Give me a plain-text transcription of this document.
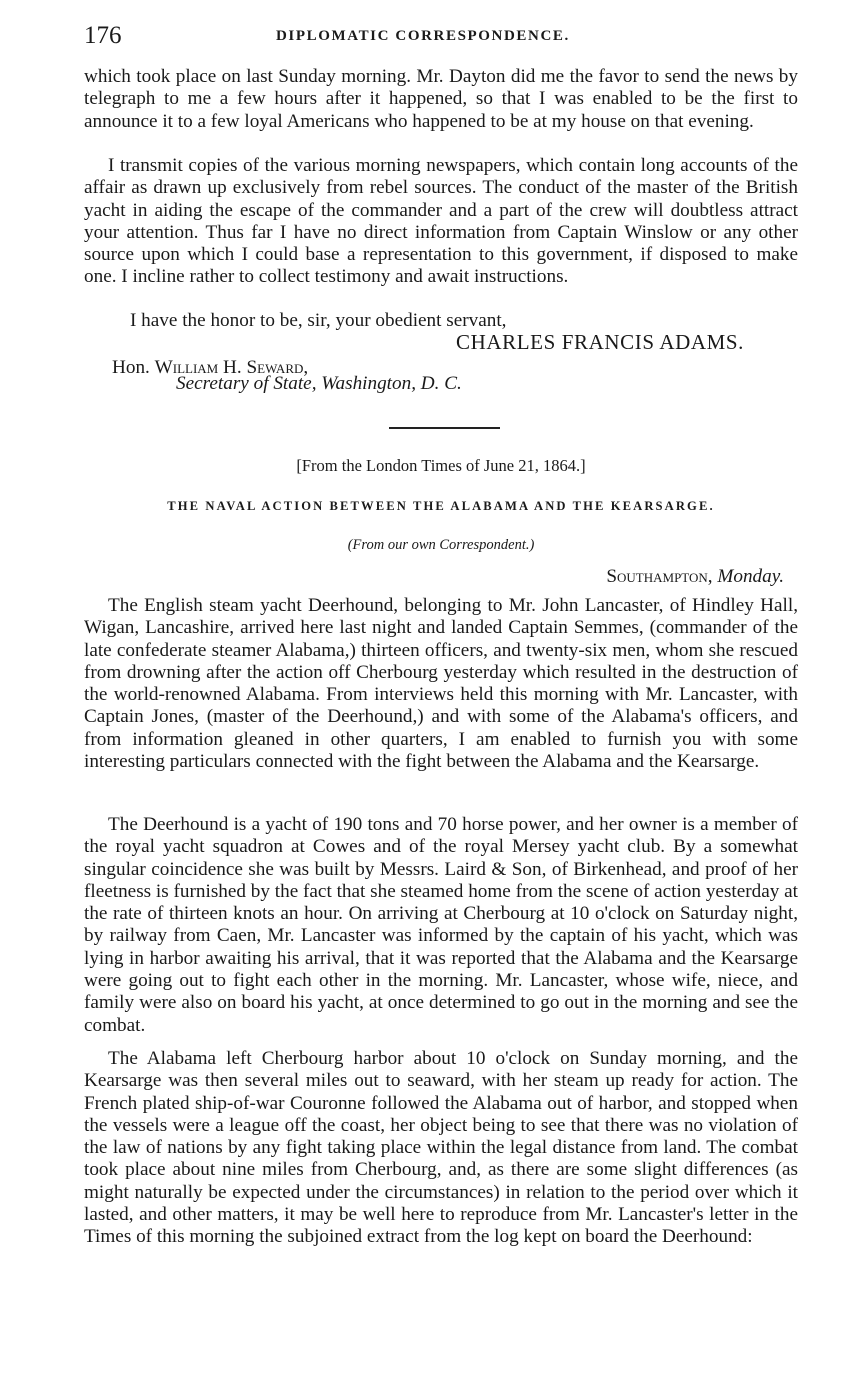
176	DIPLOMATIC CORRESPONDENCE.

which took place on last Sunday morning. Mr. Dayton did me the favor to send the news by telegraph to me a few hours after it happened, so that I was enabled to be the first to announce it to a few loyal Americans who happened to be at my house on that evening.

I transmit copies of the various morning newspapers, which contain long accounts of the affair as drawn up exclusively from rebel sources. The conduct of the master of the British yacht in aiding the escape of the commander and a part of the crew will doubtless attract your attention. Thus far I have no direct information from Captain Winslow or any other source upon which I could base a representation to this government, if disposed to make one. I incline rather to collect testimony and await instructions.

I have the honor to be, sir, your obedient servant,
CHARLES FRANCIS ADAMS.
Hon. William H. Seward,
Secretary of State, Washington, D. C.
[From the London Times of June 21, 1864.]
THE NAVAL ACTION BETWEEN THE ALABAMA AND THE KEARSARGE.
(From our own Correspondent.)
Southampton, Monday.

The English steam yacht Deerhound, belonging to Mr. John Lancaster, of Hindley Hall, Wigan, Lancashire, arrived here last night and landed Captain Semmes, (commander of the late confederate steamer Alabama,) thirteen officers, and twenty-six men, whom she rescued from drowning after the action off Cherbourg yesterday which resulted in the destruction of the world-renowned Alabama. From interviews held this morning with Mr. Lancaster, with Captain Jones, (master of the Deerhound,) and with some of the Alabama's officers, and from information gleaned in other quarters, I am enabled to furnish you with some interesting particulars connected with the fight between the Alabama and the Kearsarge.

The Deerhound is a yacht of 190 tons and 70 horse power, and her owner is a member of the royal yacht squadron at Cowes and of the royal Mersey yacht club. By a somewhat singular coincidence she was built by Messrs. Laird & Son, of Birkenhead, and proof of her fleetness is furnished by the fact that she steamed home from the scene of action yesterday at the rate of thirteen knots an hour. On arriving at Cherbourg at 10 o'clock on Saturday night, by railway from Caen, Mr. Lancaster was informed by the captain of his yacht, which was lying in harbor awaiting his arrival, that it was reported that the Alabama and the Kearsarge were going out to fight each other in the morning. Mr. Lancaster, whose wife, niece, and family were also on board his yacht, at once determined to go out in the morning and see the combat.

The Alabama left Cherbourg harbor about 10 o'clock on Sunday morning, and the Kearsarge was then several miles out to seaward, with her steam up ready for action. The French plated ship-of-war Couronne followed the Alabama out of harbor, and stopped when the vessels were a league off the coast, her object being to see that there was no violation of the law of nations by any fight taking place within the legal distance from land. The combat took place about nine miles from Cherbourg, and, as there are some slight differences (as might naturally be expected under the circumstances) in relation to the period over which it lasted, and other matters, it may be well here to reproduce from Mr. Lancaster's letter in the Times of this morning the subjoined extract from the log kept on board the Deerhound:
